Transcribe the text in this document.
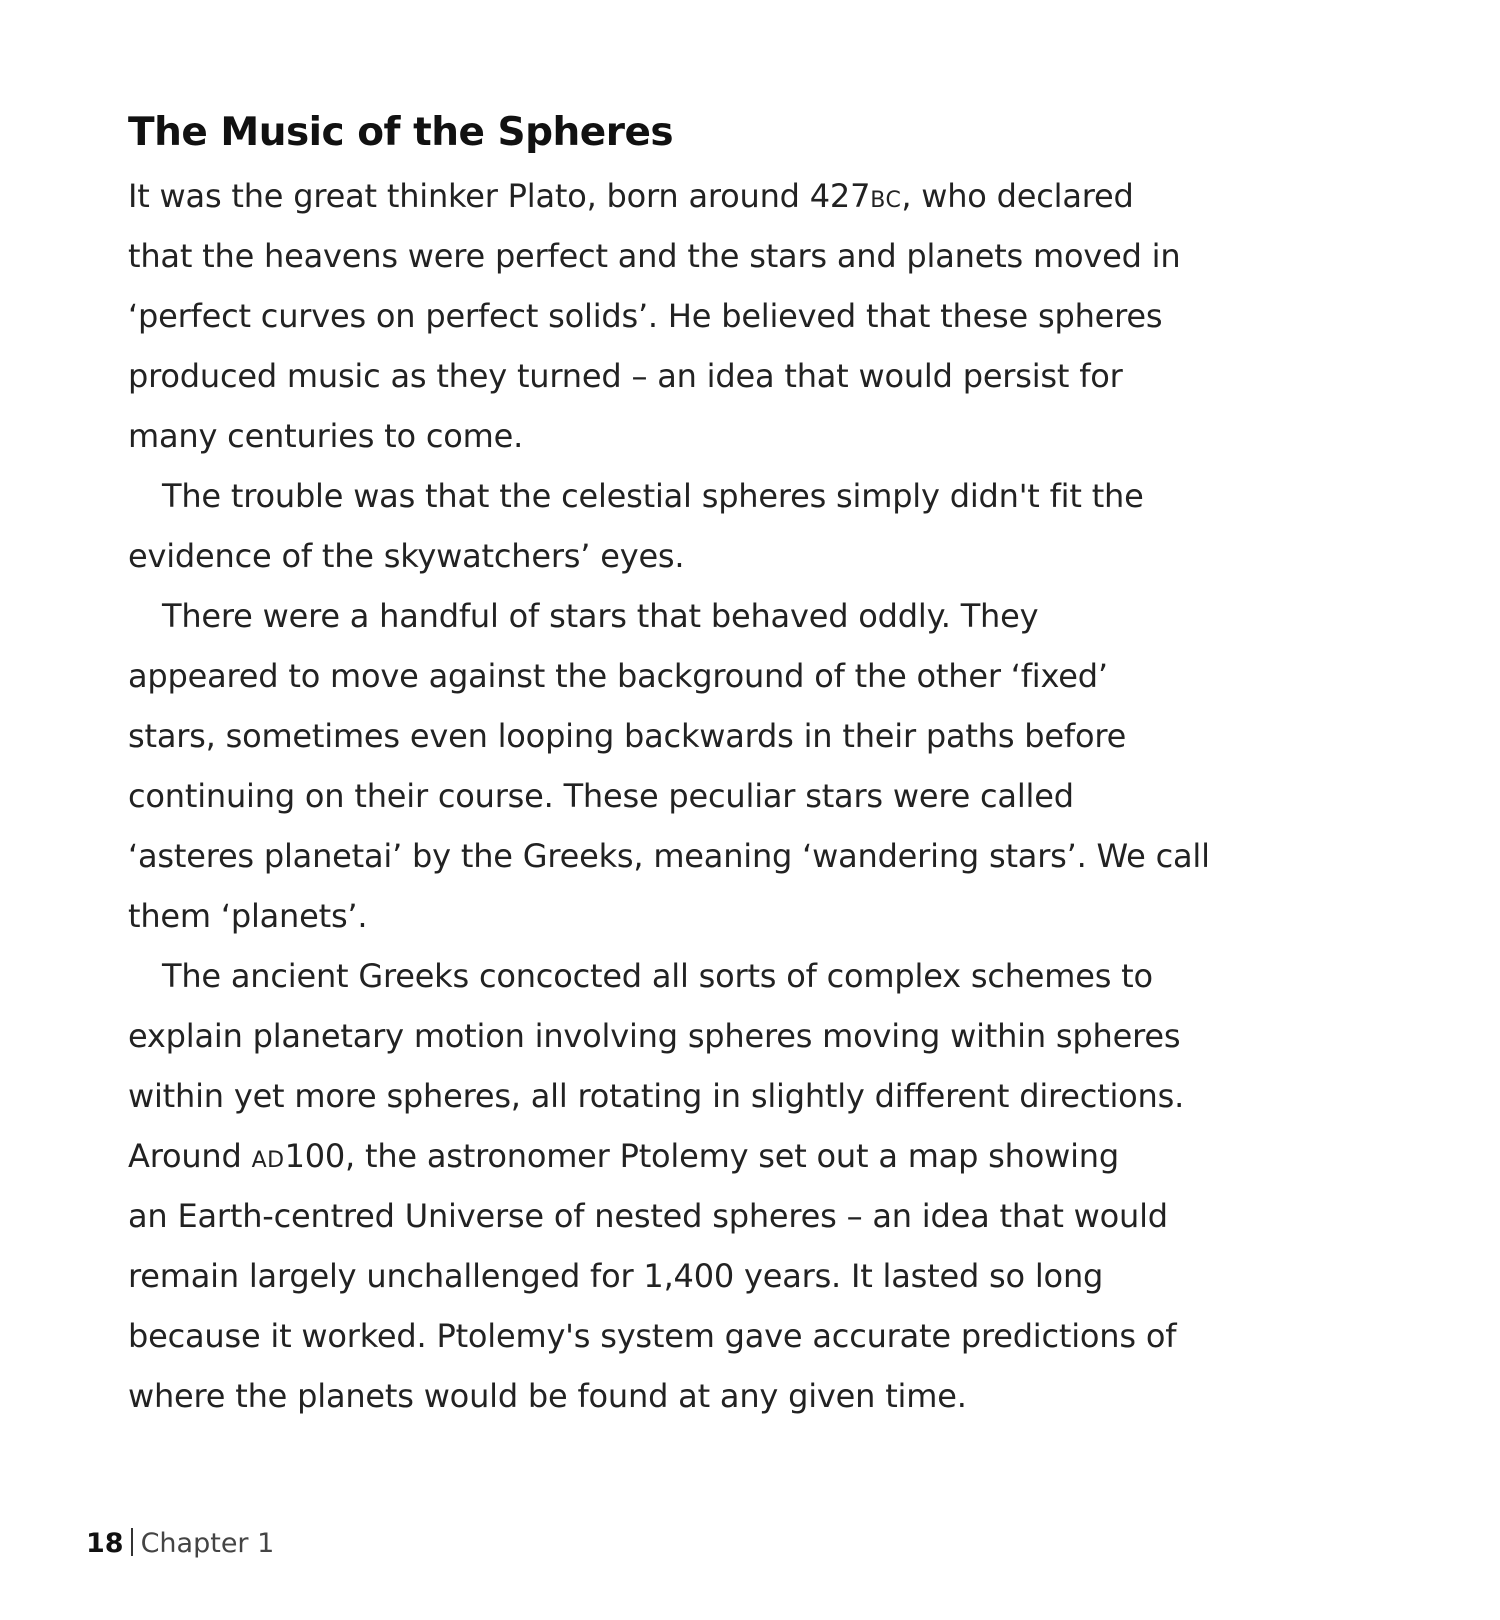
The Music of the Spheres
It was the great thinker Plato, born around 427BC, who declared
that the heavens were perfect and the stars and planets moved in
‘perfect curves on perfect solids’. He believed that these spheres
produced music as they turned – an idea that would persist for
many centuries to come.
The trouble was that the celestial spheres simply didn't fit the
evidence of the skywatchers’ eyes.
There were a handful of stars that behaved oddly. They
appeared to move against the background of the other ‘fixed’
stars, sometimes even looping backwards in their paths before
continuing on their course. These peculiar stars were called
‘asteres planetai’ by the Greeks, meaning ‘wandering stars’. We call
them ‘planets’.
The ancient Greeks concocted all sorts of complex schemes to
explain planetary motion involving spheres moving within spheres
within yet more spheres, all rotating in slightly different directions.
Around AD100, the astronomer Ptolemy set out a map showing
an Earth-centred Universe of nested spheres – an idea that would
remain largely unchallenged for 1,400 years. It lasted so long
because it worked. Ptolemy's system gave accurate predictions of
where the planets would be found at any given time.
18 Chapter 1
